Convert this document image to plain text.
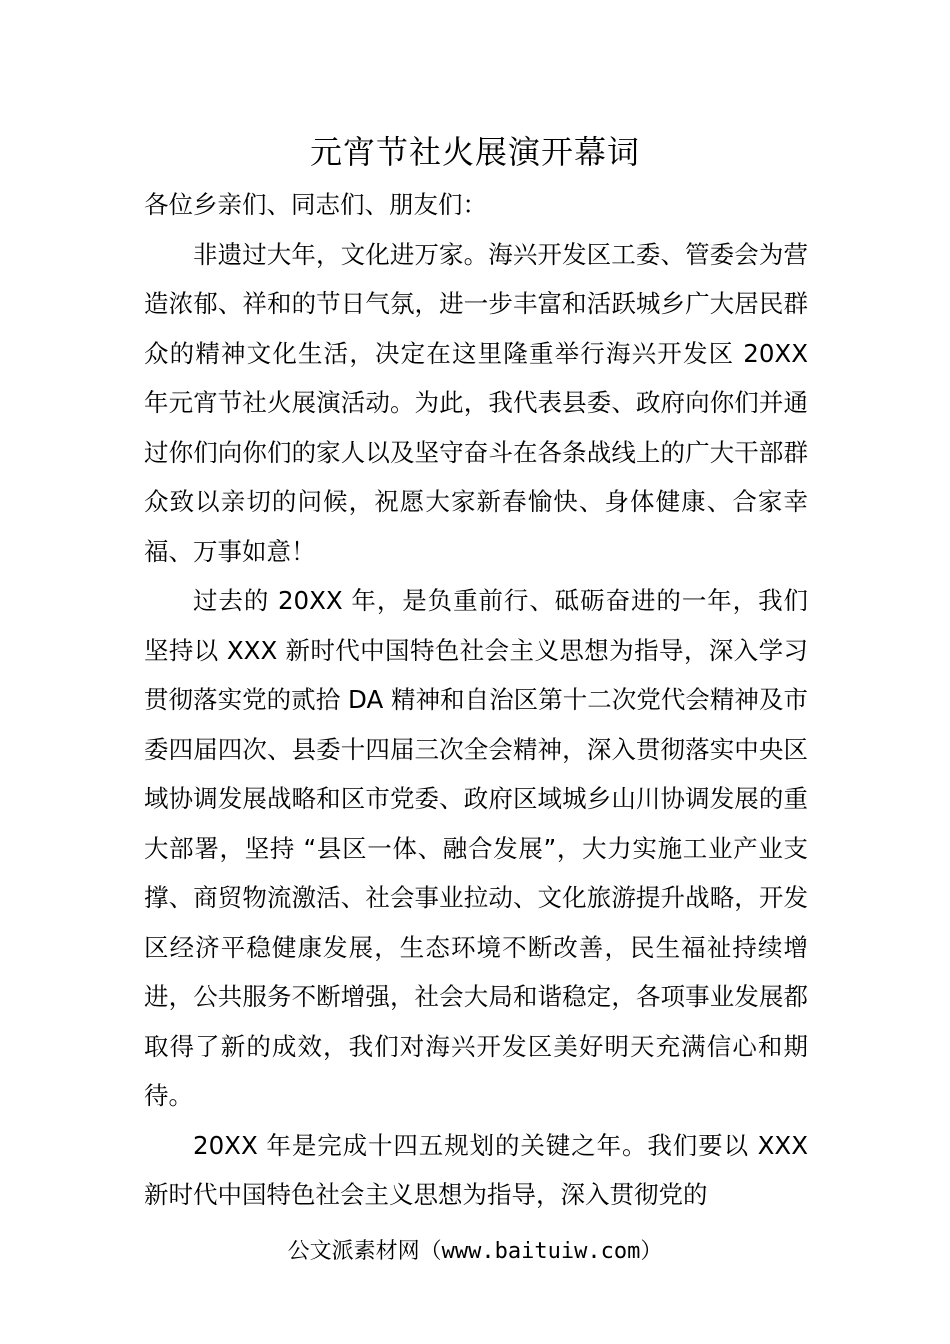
元宵节社火展演开幕词

各位乡亲们、同志们、朋友们：

非遗过大年，文化进万家。海兴开发区工委、管委会为营造浓郁、祥和的节日气氛，进一步丰富和活跃城乡广大居民群众的精神文化生活，决定在这里隆重举行海兴开发区 20XX 年元宵节社火展演活动。为此，我代表县委、政府向你们并通过你们向你们的家人以及坚守奋斗在各条战线上的广大干部群众致以亲切的问候，祝愿大家新春愉快、身体健康、合家幸福、万事如意！

过去的 20XX 年，是负重前行、砥砺奋进的一年，我们坚持以 XXX 新时代中国特色社会主义思想为指导，深入学习贯彻落实党的贰拾 DA 精神和自治区第十二次党代会精神及市委四届四次、县委十四届三次全会精神，深入贯彻落实中央区域协调发展战略和区市党委、政府区域城乡山川协调发展的重大部署，坚持 “县区一体、融合发展”，大力实施工业产业支撑、商贸物流激活、社会事业拉动、文化旅游提升战略，开发区经济平稳健康发展，生态环境不断改善，民生福祉持续增进，公共服务不断增强，社会大局和谐稳定，各项事业发展都取得了新的成效，我们对海兴开发区美好明天充满信心和期待。

20XX 年是完成十四五规划的关键之年。我们要以 XXX 新时代中国特色社会主义思想为指导，深入贯彻党的

公文派素材网（www.baituiw.com）
